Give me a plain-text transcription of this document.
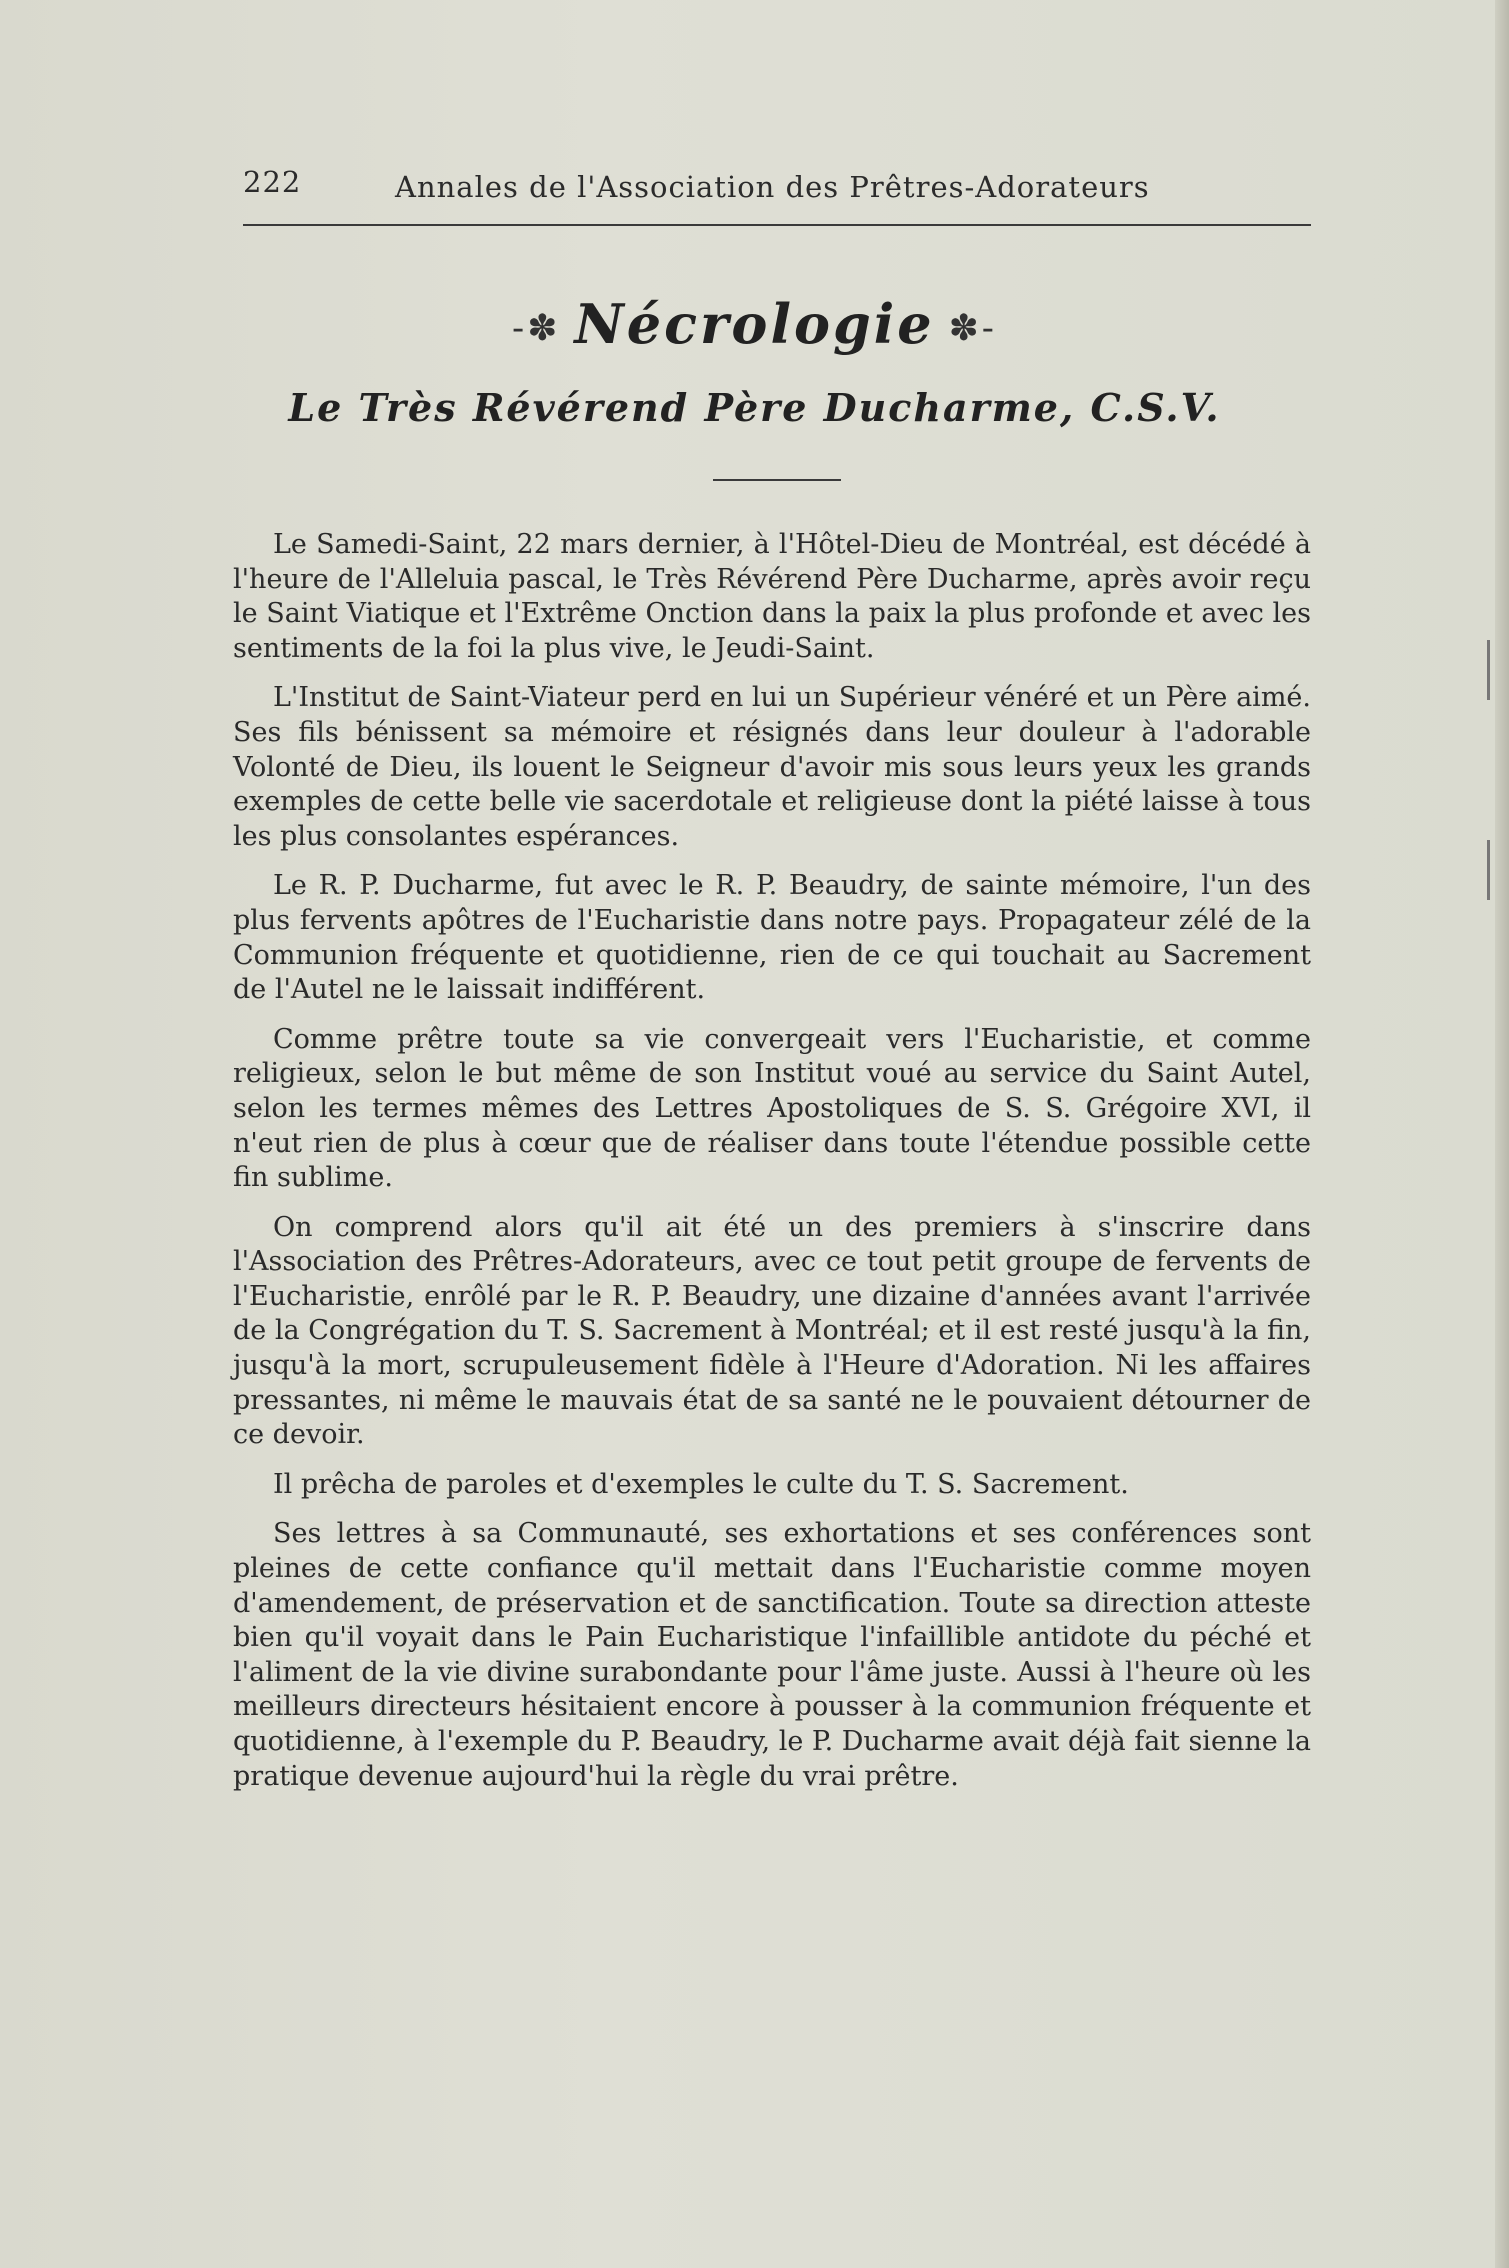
222	Annales de l'Association des Prêtres-Adorateurs
-✽ Nécrologie ✽-
Le Très Révérend Père Ducharme, C.S.V.

Le Samedi-Saint, 22 mars dernier, à l'Hôtel-Dieu de Montréal, est décédé à l'heure de l'Alleluia pascal, le Très Révérend Père Ducharme, après avoir reçu le Saint Viatique et l'Extrême Onction dans la paix la plus profonde et avec les sentiments de la foi la plus vive, le Jeudi-Saint.

L'Institut de Saint-Viateur perd en lui un Supérieur vénéré et un Père aimé. Ses fils bénissent sa mémoire et résignés dans leur douleur à l'adorable Volonté de Dieu, ils louent le Seigneur d'avoir mis sous leurs yeux les grands exemples de cette belle vie sacerdotale et religieuse dont la piété laisse à tous les plus consolantes espérances.

Le R. P. Ducharme, fut avec le R. P. Beaudry, de sainte mémoire, l'un des plus fervents apôtres de l'Eucharistie dans notre pays. Propagateur zélé de la Communion fréquente et quotidienne, rien de ce qui touchait au Sacrement de l'Autel ne le laissait indifférent.

Comme prêtre toute sa vie convergeait vers l'Eucharistie, et comme religieux, selon le but même de son Institut voué au service du Saint Autel, selon les termes mêmes des Lettres Apostoliques de S. S. Grégoire XVI, il n'eut rien de plus à cœur que de réaliser dans toute l'étendue possible cette fin sublime.

On comprend alors qu'il ait été un des premiers à s'inscrire dans l'Association des Prêtres-Adorateurs, avec ce tout petit groupe de fervents de l'Eucharistie, enrôlé par le R. P. Beaudry, une dizaine d'années avant l'arrivée de la Congrégation du T. S. Sacrement à Montréal; et il est resté jusqu'à la fin, jusqu'à la mort, scrupuleusement fidèle à l'Heure d'Adoration. Ni les affaires pressantes, ni même le mauvais état de sa santé ne le pouvaient détourner de ce devoir.

Il prêcha de paroles et d'exemples le culte du T. S. Sacrement.

Ses lettres à sa Communauté, ses exhortations et ses conférences sont pleines de cette confiance qu'il mettait dans l'Eucharistie comme moyen d'amendement, de préservation et de sanctification. Toute sa direction atteste bien qu'il voyait dans le Pain Eucharistique l'infaillible antidote du péché et l'aliment de la vie divine surabondante pour l'âme juste. Aussi à l'heure où les meilleurs directeurs hésitaient encore à pousser à la communion fréquente et quotidienne, à l'exemple du P. Beaudry, le P. Ducharme avait déjà fait sienne la pratique devenue aujourd'hui la règle du vrai prêtre.
